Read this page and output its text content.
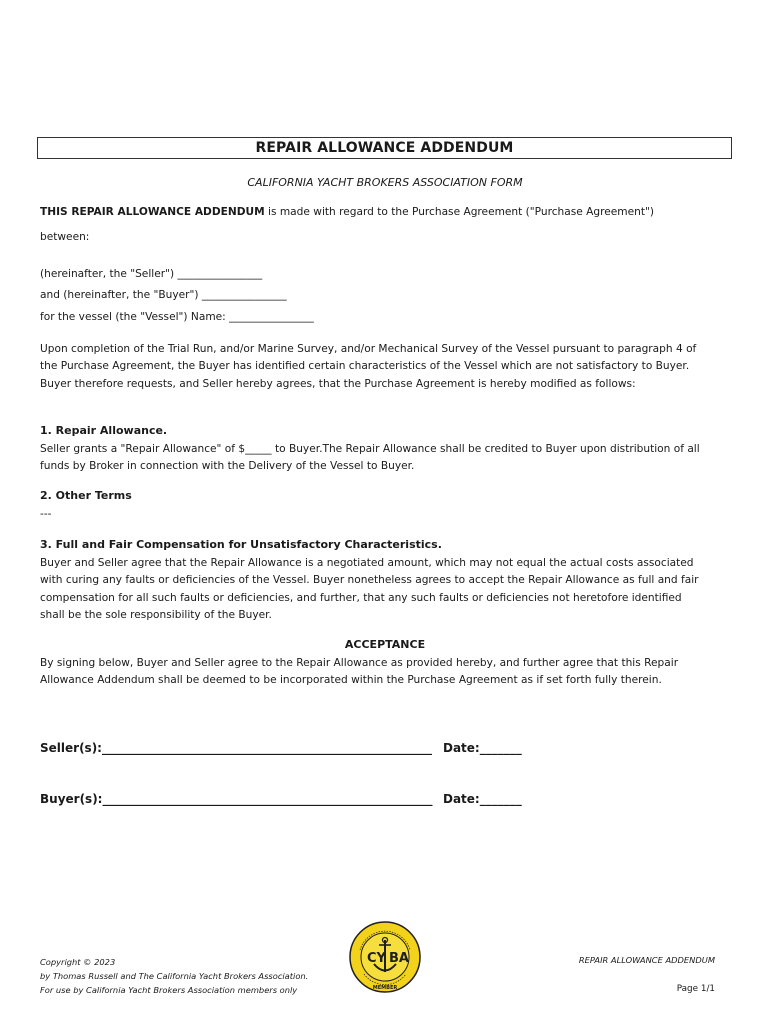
REPAIR ALLOWANCE ADDENDUM
CALIFORNIA YACHT BROKERS ASSOCIATION FORM
THIS REPAIR ALLOWANCE ADDENDUM is made with regard to the Purchase Agreement ("Purchase Agreement")
between:
(hereinafter, the "Seller") ________________
and (hereinafter, the "Buyer") ________________
for the vessel (the "Vessel") Name: ________________
Upon completion of the Trial Run, and/or Marine Survey, and/or Mechanical Survey of the Vessel pursuant to paragraph 4 of the Purchase Agreement, the Buyer has identified certain characteristics of the Vessel which are not satisfactory to Buyer. Buyer therefore requests, and Seller hereby agrees, that the Purchase Agreement is hereby modified as follows:
1. Repair Allowance.
Seller grants a "Repair Allowance" of $_____ to Buyer.The Repair Allowance shall be credited to Buyer upon distribution of all funds by Broker in connection with the Delivery of the Vessel to Buyer.
2. Other Terms
---
3. Full and Fair Compensation for Unsatisfactory Characteristics.
Buyer and Seller agree that the Repair Allowance is a negotiated amount, which may not equal the actual costs associated with curing any faults or deficiencies of the Vessel. Buyer nonetheless agrees to accept the Repair Allowance as full and fair compensation for all such faults or deficiencies, and further, that any such faults or deficiencies not heretofore identified shall be the sole responsibility of the Buyer.
ACCEPTANCE
By signing below, Buyer and Seller agree to the Repair Allowance as provided hereby, and further agree that this Repair Allowance Addendum shall be deemed to be incorporated within the Purchase Agreement as if set forth fully therein.
Seller(s):_______________________________________________________ Date:_______
Buyer(s):_______________________________________________________ Date:_______
Copyright © 2023
by Thomas Russell and The California Yacht Brokers Association.
For use by California Yacht Brokers Association members only
CY BA
MEMBER
REPAIR ALLOWANCE ADDENDUM
Page 1/1
